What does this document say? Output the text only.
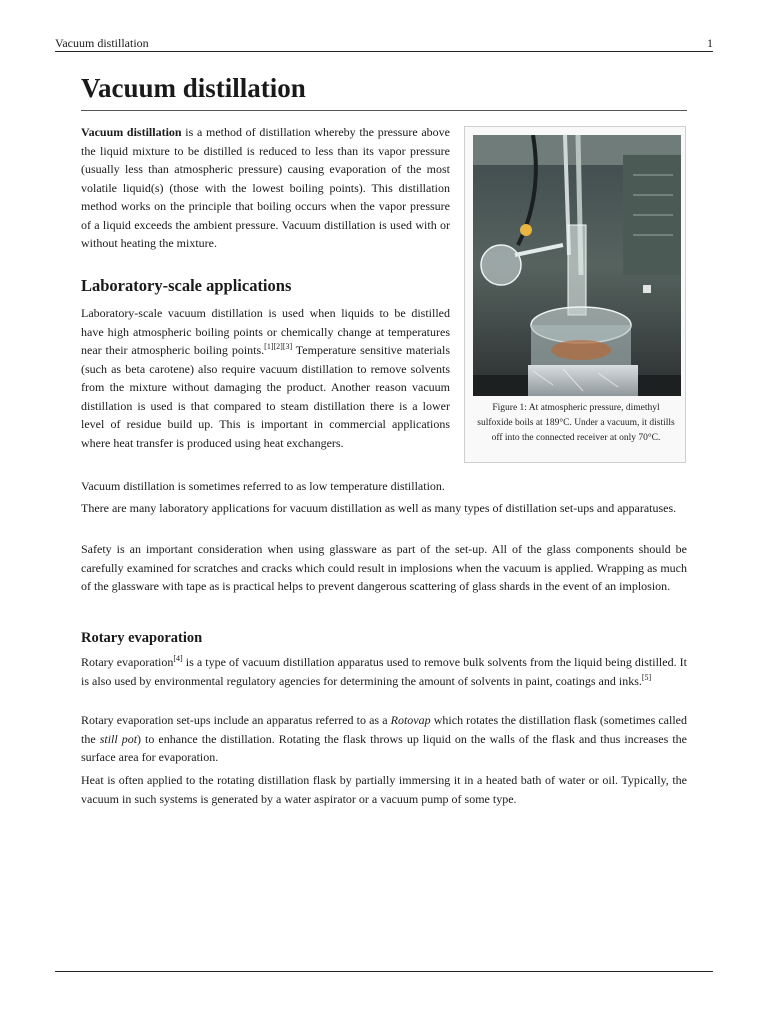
Vacuum distillation	1
Vacuum distillation

Vacuum distillation is a method of distillation whereby the pressure above the liquid mixture to be distilled is reduced to less than its vapor pressure (usually less than atmospheric pressure) causing evaporation of the most volatile liquid(s) (those with the lowest boiling points). This distillation method works on the principle that boiling occurs when the vapor pressure of a liquid exceeds the ambient pressure. Vacuum distillation is used with or without heating the mixture.

Laboratory-scale applications

Laboratory-scale vacuum distillation is used when liquids to be distilled have high atmospheric boiling points or chemically change at temperatures near their atmospheric boiling points.[1][2][3] Temperature sensitive materials (such as beta carotene) also require vacuum distillation to remove solvents from the mixture without damaging the product. Another reason vacuum distillation is used is that compared to steam distillation there is a lower level of residue build up. This is important in commercial applications where heat transfer is produced using heat exchangers.

Figure 1: At atmospheric pressure, dimethyl sulfoxide boils at 189°C. Under a vacuum, it distills off into the connected receiver at only 70°C.

Vacuum distillation is sometimes referred to as low temperature distillation.

There are many laboratory applications for vacuum distillation as well as many types of distillation set-ups and apparatuses.

Safety is an important consideration when using glassware as part of the set-up. All of the glass components should be carefully examined for scratches and cracks which could result in implosions when the vacuum is applied. Wrapping as much of the glassware with tape as is practical helps to prevent dangerous scattering of glass shards in the event of an implosion.

Rotary evaporation

Rotary evaporation[4] is a type of vacuum distillation apparatus used to remove bulk solvents from the liquid being distilled. It is also used by environmental regulatory agencies for determining the amount of solvents in paint, coatings and inks.[5]

Rotary evaporation set-ups include an apparatus referred to as a Rotovap which rotates the distillation flask (sometimes called the still pot) to enhance the distillation. Rotating the flask throws up liquid on the walls of the flask and thus increases the surface area for evaporation.

Heat is often applied to the rotating distillation flask by partially immersing it in a heated bath of water or oil. Typically, the vacuum in such systems is generated by a water aspirator or a vacuum pump of some type.
